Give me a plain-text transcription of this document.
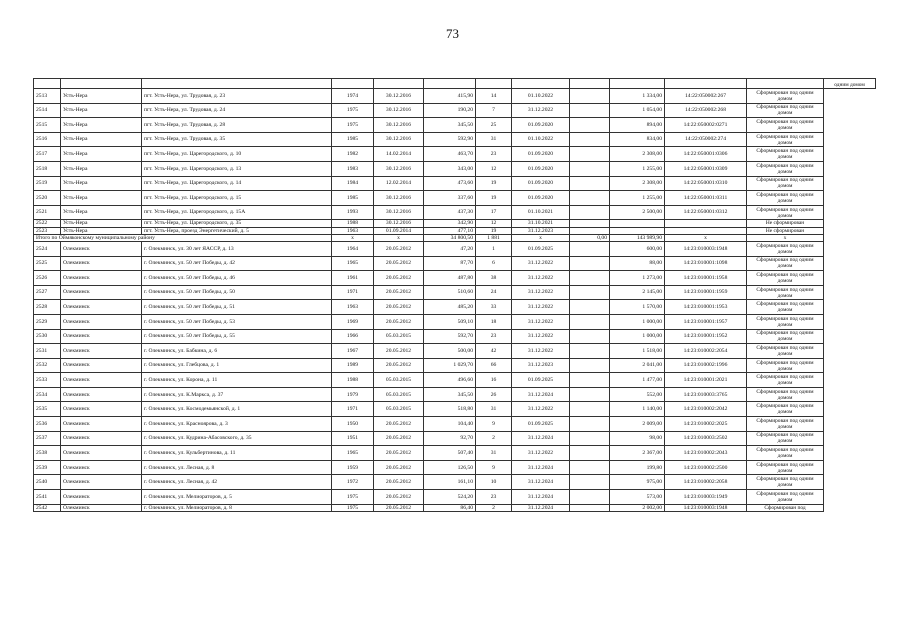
73
												одним домом
2513	Усть-Нера	пгт. Усть-Нера, ул. Трудовая, д. 23	1974	30.12.2016	415,90	14	01.10.2022		1 334,00	14:22:050002:267	Сформирован под одним домом	
2514	Усть-Нера	пгт. Усть-Нера, ул. Трудовая, д. 24	1975	30.12.2016	190,20	7	31.12.2022		1 054,00	14:22:050002:268	Сформирован под одним домом	
2515	Усть-Нера	пгт. Усть-Нера, ул. Трудовая, д. 28	1975	30.12.2016	345,50	25	01.09.2020		894,00	14:22:050002:0271	Сформирован под одним домом	
2516	Усть-Нера	пгт. Усть-Нера, ул. Трудовая, д. 35	1985	30.12.2016	592,90	31	01.10.2022		834,00	14:22:050002:274	Сформирован под одним домом	
2517	Усть-Нера	пгт. Усть-Нера, ул. Царегородского, д. 10	1982	14.02.2014	463,70	23	01.09.2020		2 308,00	14:22:050001:0306	Сформирован под одним домом	
2518	Усть-Нера	пгт. Усть-Нера, ул. Царегородского, д. 13	1983	30.12.2016	343,00	12	01.09.2020		1 255,00	14:22:050001:0309	Сформирован под одним домом	
2519	Усть-Нера	пгт. Усть-Нера, ул. Царегородского, д. 14	1984	12.02.2014	473,60	19	01.09.2020		2 308,00	14:22:050001:0310	Сформирован под одним домом	
2520	Усть-Нера	пгт. Усть-Нера, ул. Царегородского, д. 15	1985	30.12.2016	337,60	19	01.09.2020		1 255,00	14:22:050001:0311	Сформирован под одним домом	
2521	Усть-Нера	пгт. Усть-Нера, ул. Царегородского, д. 15А	1993	30.12.2016	437,30	17	01.10.2021		2 500,00	14:22:050001:0312	Сформирован под одним домом	
2522	Усть-Нера	пгт. Усть-Нера, ул. Царегородского, д. 35	1988	30.12.2016	342,90	12	31.10.2021				Не сформирован	
2523	Усть-Нера	пгт. Усть-Нера, проезд Энергетический, д. 5	1963	01.09.2014	477,10	19	31.12.2023				Не сформирован	
Итого по Оймяконскому муниципальному району			х	х	34 800,50	1 881	х	0,00	143 989,90	х	х	
2524	Олекминск	г. Олекминск, ул. 30 лет ЯАССР, д. 13	1964	20.05.2012	47,20	1	01.09.2025		600,00	14:23:010003:1948	Сформирован под одним домом	
2525	Олекминск	г. Олекминск, ул. 50 лет Победы, д. 42	1965	20.05.2012	87,70	6	31.12.2022		88,00	14:23:010001:1098	Сформирован под одним домом	
2526	Олекминск	г. Олекминск, ул. 50 лет Победы, д. 46	1961	20.05.2012	487,80	38	31.12.2022		1 273,00	14:23:010001:1958	Сформирован под одним домом	
2527	Олекминск	г. Олекминск, ул. 50 лет Победы, д. 50	1971	20.05.2012	510,60	24	31.12.2022		2 145,00	14:23:010001:1959	Сформирован под одним домом	
2528	Олекминск	г. Олекминск, ул. 50 лет Победы, д. 51	1963	20.05.2012	485,20	33	31.12.2022		1 570,00	14:23:010001:1953	Сформирован под одним домом	
2529	Олекминск	г. Олекминск, ул. 50 лет Победы, д. 53	1969	20.05.2012	509,10	18	31.12.2022		1 000,00	14:23:010001:1957	Сформирован под одним домом	
2530	Олекминск	г. Олекминск, ул. 50 лет Победы, д. 55	1966	05.03.2015	592,70	23	31.12.2022		1 000,00	14:23:010001:1952	Сформирован под одним домом	
2531	Олекминск	г. Олекминск, ул. Бабкина, д. 6	1967	20.05.2012	500,00	42	31.12.2022		1 518,00	14:23:010002:2054	Сформирован под одним домом	
2532	Олекминск	г. Олекминск, ул. Глебцова, д. 1	1989	20.05.2012	1 029,70	66	31.12.2023		2 041,00	14:23:010002:1996	Сформирован под одним домом	
2533	Олекминск	г. Олекминск, ул. Корона, д. 11	1988	05.03.2015	496,60	16	01.09.2025		1 477,00	14:23:010001:2021	Сформирован под одним домом	
2534	Олекминск	г. Олекминск, ул. К.Маркса, д. 37	1979	05.03.2015	345,50	26	31.12.2024		552,00	14:23:010003:3765	Сформирован под одним домом	
2535	Олекминск	г. Олекминск, ул. Космодемьянской, д. 1	1971	05.03.2015	518,80	31	31.12.2022		1 140,00	14:23:010002:2042	Сформирован под одним домом	
2536	Олекминск	г. Олекминск, ул. Красноярова, д. 3	1950	20.05.2012	104,40	9	01.09.2025		2 009,00	14:23:010002:2025	Сформирован под одним домом	
2537	Олекминск	г. Олекминск, ул. Кудрина-Абасовского, д. 35	1951	20.05.2012	92,70	2	31.12.2024		98,00	14:23:010003:2502	Сформирован под одним домом	
2538	Олекминск	г. Олекминск, ул. Кульбертинова, д. 11	1965	20.05.2012	507,40	31	31.12.2022		2 367,00	14:23:010002:2043	Сформирован под одним домом	
2539	Олекминск	г. Олекминск, ул. Лесная, д. 8	1959	20.05.2012	126,50	9	31.12.2024		199,80	14:23:010002:2500	Сформирован под одним домом	
2540	Олекминск	г. Олекминск, ул. Лесная, д. 42	1972	20.05.2012	161,10	10	31.12.2024		975,00	14:23:010002:2058	Сформирован под одним домом	
2541	Олекминск	г. Олекминск, ул. Мелиораторов, д. 5	1975	20.05.2012	524,20	23	31.12.2024		573,00	14:23:010003:1949	Сформирован под одним домом	
2542	Олекминск	г. Олекминск, ул. Мелиораторов, д. 8	1975	20.05.2012	86,40	2	31.12.2024		2 002,00	14:23:010003:1948	Сформирован под	
